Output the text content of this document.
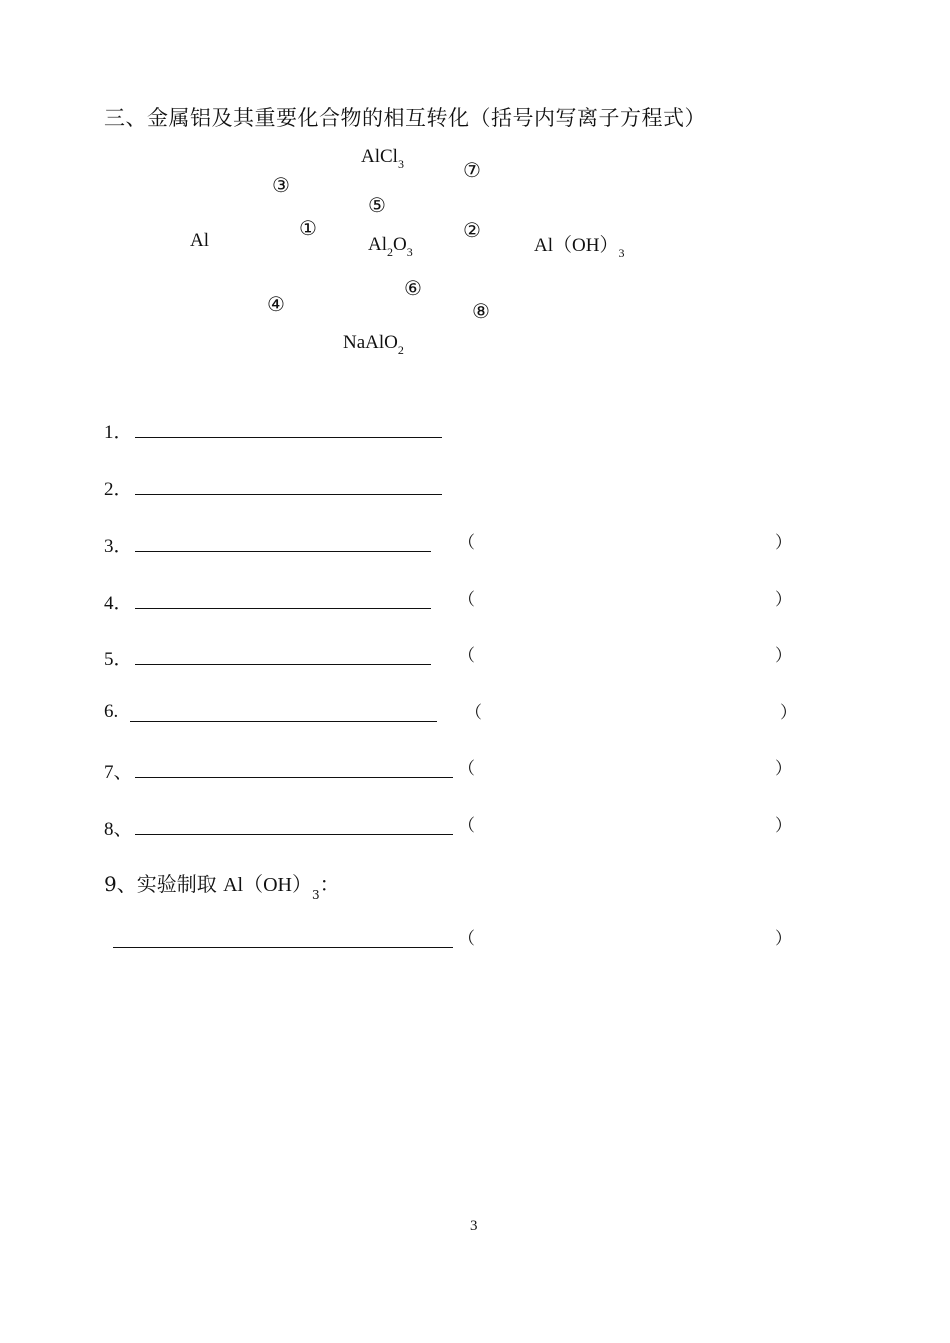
三、金属铝及其重要化合物的相互转化（括号内写离子方程式）
AlCl$_3$
Al	$Al_2O_3$	$Al(OH)_3$
NaAlO$_2$
①	②
③
④
⑤
⑥
⑦
⑧
1．
2．
3．	（	）
4．	（	）
5．	（	）
6.	（	）
7、	（	）
8、	（	）
9、实验制取 $Al(OH)_3$：
（	）
3
